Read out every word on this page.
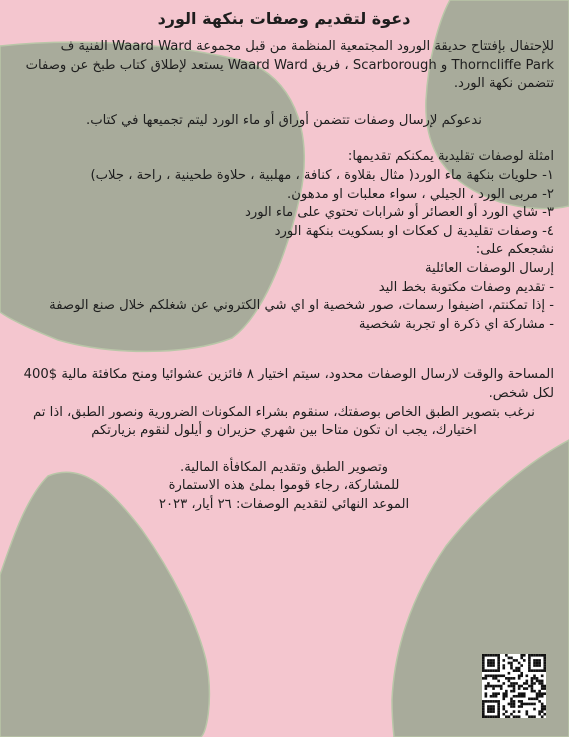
دعوة لتقديم وصفات بنكهة الورد

للإحتفال بإفتتاح حديقة الورود المجتمعية المنظمة من قبل مجموعة Waard Ward الفنية ف Thorncliffe Park و Scarborough ، فريق Waard Ward يستعد لإطلاق كتاب طبخ عن وصفات تتضمن نكهة الورد.

ندعوكم لإرسال وصفات تتضمن أوراق أو ماء الورد ليتم تجميعها في كتاب.

امثلة لوصفات تقليدية يمكنكم تقديمها:

١- حلويات بنكهة ماء الورد( مثال بقلاوة ، كنافة ، مهلبية ، حلاوة طحينية ، راحة ، جلاب)

٢- مربى الورد ، الجيلي ، سواء معلبات او مدهون.

٣- شاي الورد أو العصائر أو شرابات تحتوي على ماء الورد

٤- وصفات تقليدية ل كعكات او بسكويت بنكهة الورد

نشجعكم على:

إرسال الوصفات العائلية

- تقديم وصفات مكتوبة بخط اليد

- إذا تمكنتم، اضيفوا رسمات، صور شخصية او اي شي الكتروني عن شغلكم خلال صنع الوصفة

- مشاركة اي ذكرة او تجربة شخصية

المساحة والوقت لارسال الوصفات محدود، سيتم اختيار ٨ فائزين عشوائيا ومنح مكافئة مالية $400 لكل شخص.

نرغب بتصوير الطبق الخاص بوصفتك، سنقوم بشراء المكونات الضرورية ونصور الطبق، اذا تم اختيارك، يجب ان تكون متاحا بين شهري حزيران و أيلول لنقوم بزيارتكم

وتصوير الطبق وتقديم المكافأة المالية.

للمشاركة، رجاء قوموا بملئ هذه الاستمارة

الموعد النهائي لتقديم الوصفات: ٢٦ أيار، ٢٠٢٣
